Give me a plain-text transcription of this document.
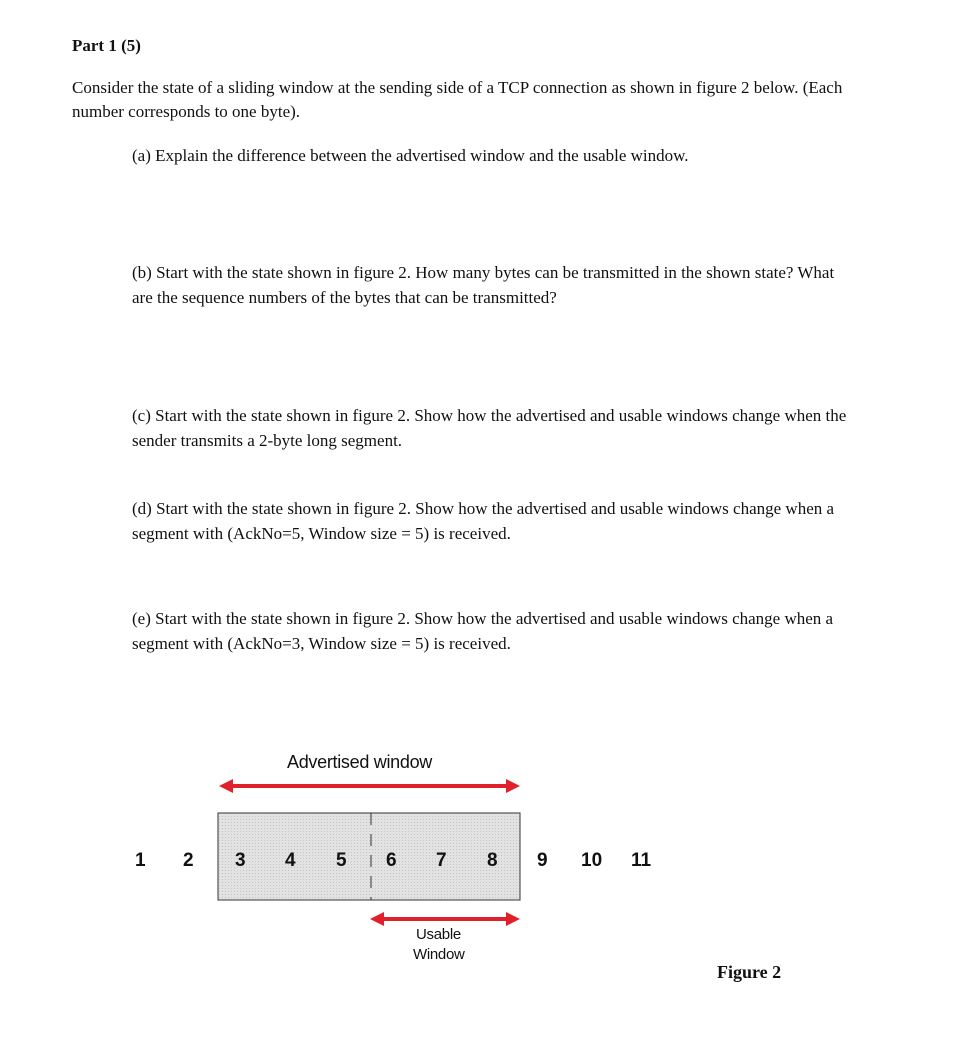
Part 1 (5)
Consider the state of a sliding window at the sending side of a TCP connection as shown in figure 2 below. (Each number corresponds to one byte).
(a) Explain the difference between the advertised window and the usable window.
(b) Start with the state shown in figure 2. How many bytes can be transmitted in the shown state? What are the sequence numbers of the bytes that can be transmitted?
(c) Start with the state shown in figure 2. Show how the advertised and usable windows change when the sender transmits a 2-byte long segment.
(d) Start with the state shown in figure 2. Show how the advertised and usable windows change when a segment with (AckNo=5, Window size = 5) is received.
(e) Start with the state shown in figure 2. Show how the advertised and usable windows change when a segment with (AckNo=3, Window size = 5) is received.
Advertised window
1 2 3 4 5 6 7 8 9 10 11
Usable
Window
Figure 2
